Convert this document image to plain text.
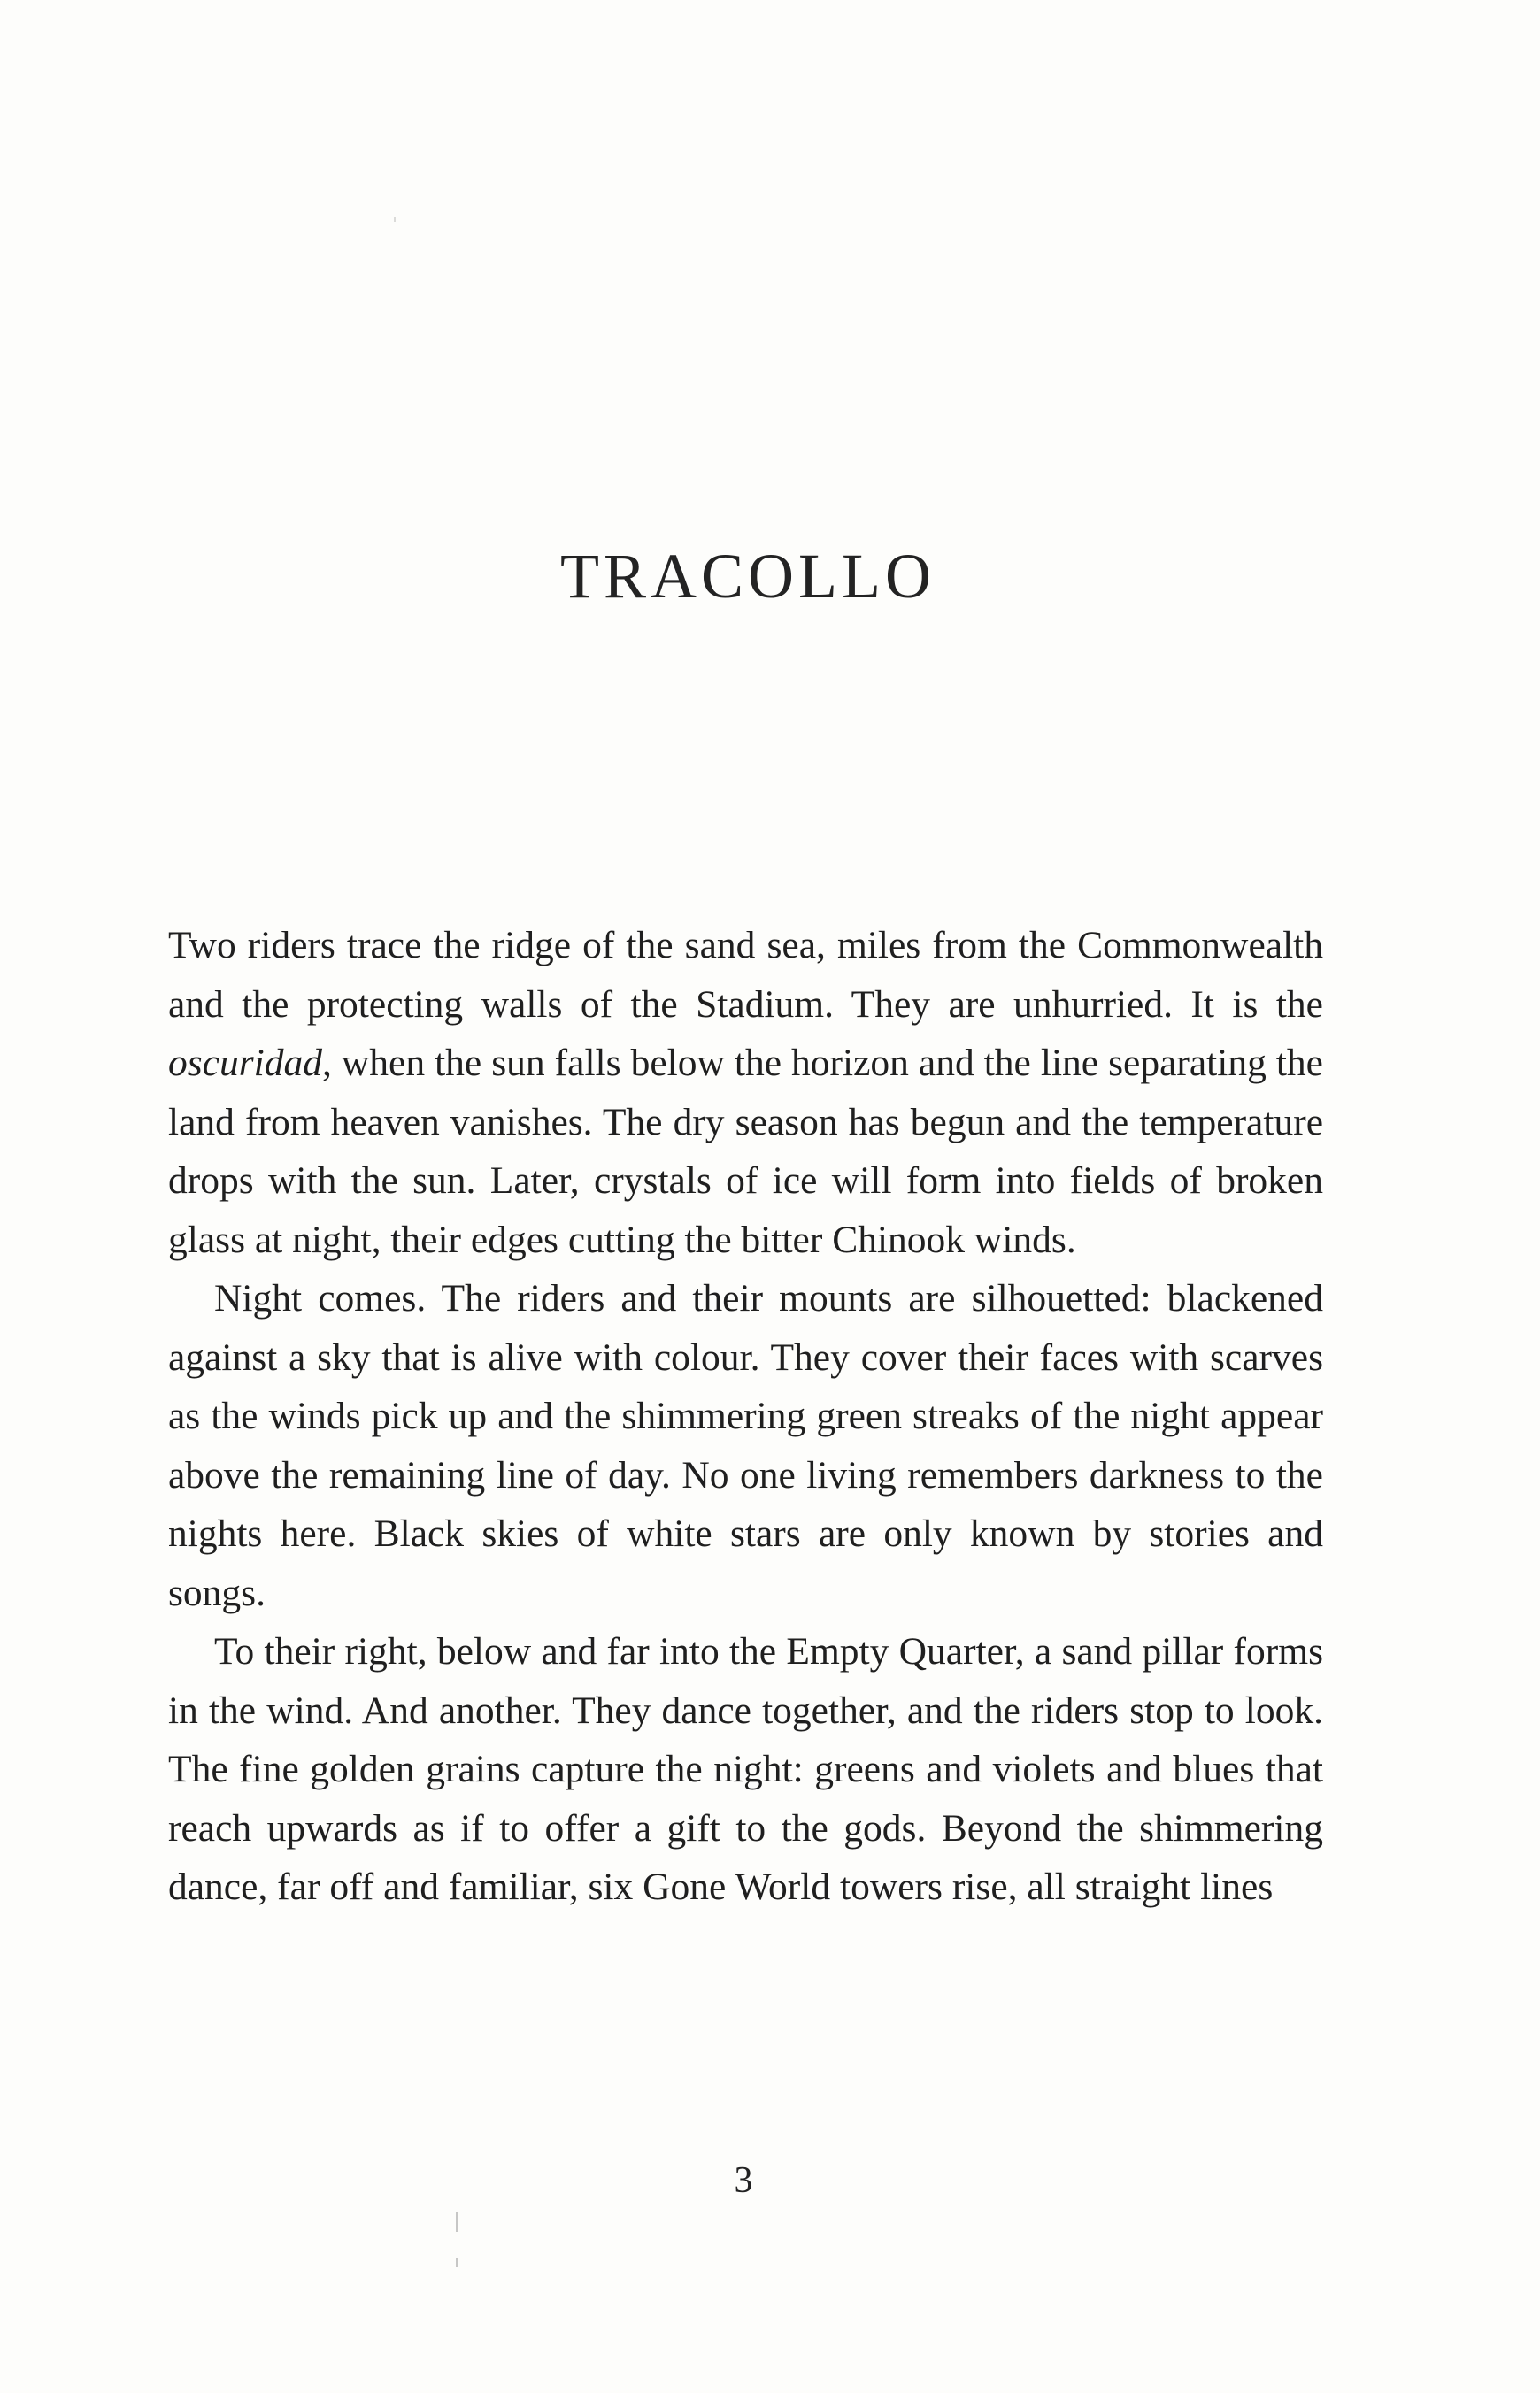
TRACOLLO

Two riders trace the ridge of the sand sea, miles from the Commonwealth and the protecting walls of the Stadium. They are unhurried. It is the oscuridad, when the sun falls below the horizon and the line separating the land from heaven vanishes. The dry season has begun and the temperature drops with the sun. Later, crystals of ice will form into fields of broken glass at night, their edges cutting the bitter Chinook winds.

Night comes. The riders and their mounts are silhouetted: blackened against a sky that is alive with colour. They cover their faces with scarves as the winds pick up and the shimmering green streaks of the night appear above the remaining line of day. No one living remembers darkness to the nights here. Black skies of white stars are only known by stories and songs.

To their right, below and far into the Empty Quarter, a sand pillar forms in the wind. And another. They dance together, and the riders stop to look. The fine golden grains capture the night: greens and violets and blues that reach upwards as if to offer a gift to the gods. Beyond the shimmering dance, far off and familiar, six Gone World towers rise, all straight lines

3
